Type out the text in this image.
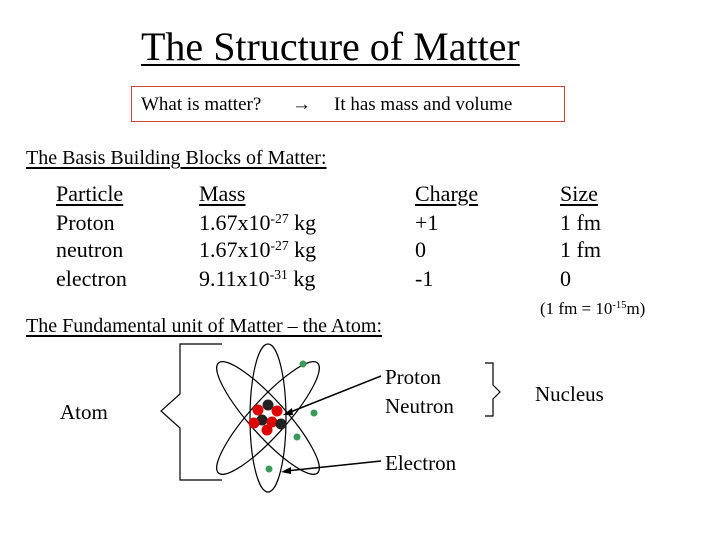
The Structure of Matter
What is matter? → It has mass and volume
The Basis Building Blocks of Matter:
Particle	Mass	Charge	Size
Proton	$1.67x10^{-27}$ kg	+1	1 fm
neutron	$1.67x10^{-27}$ kg	0	1 fm
electron	$9.11x10^{-31}$ kg	-1	0
(1 fm = $10^{-15}m$)
The Fundamental unit of Matter – the Atom:
Atom
Proton
Neutron
Electron
Nucleus
